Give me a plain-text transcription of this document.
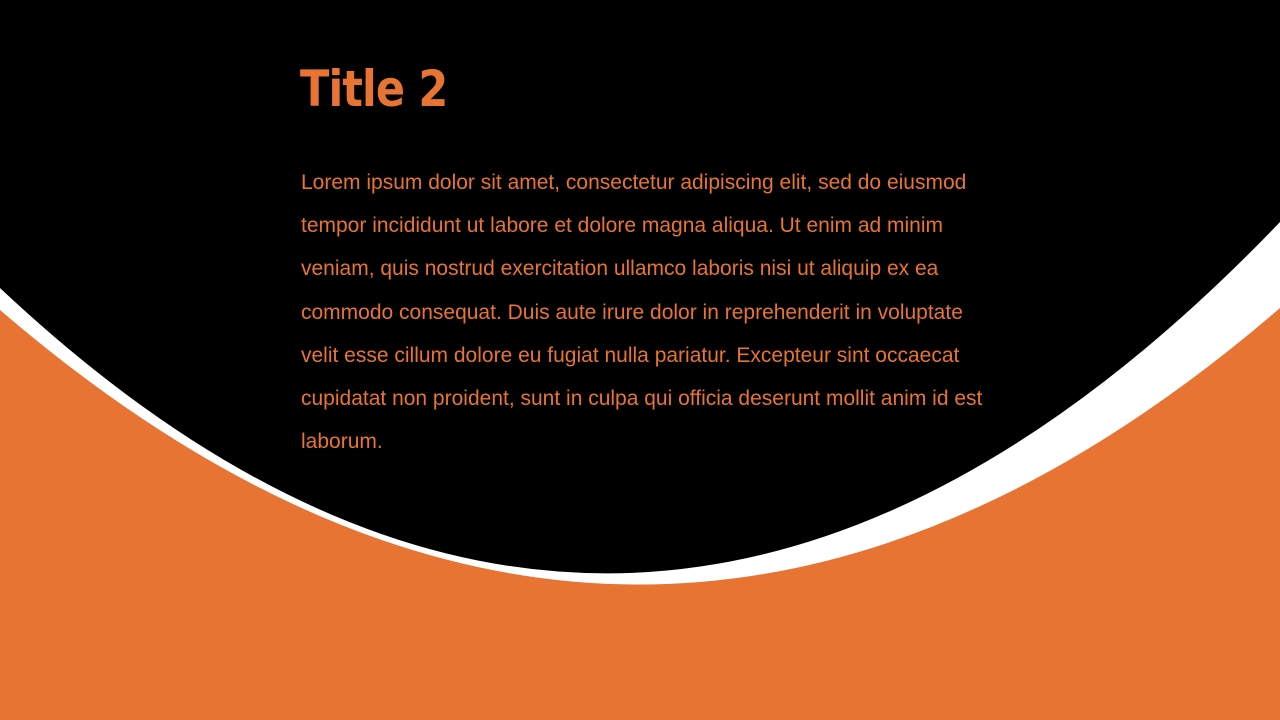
Title 2

Lorem ipsum dolor sit amet, consectetur adipiscing elit, sed do eiusmod tempor incididunt ut labore et dolore magna aliqua. Ut enim ad minim veniam, quis nostrud exercitation ullamco laboris nisi ut aliquip ex ea commodo consequat. Duis aute irure dolor in reprehenderit in voluptate velit esse cillum dolore eu fugiat nulla pariatur. Excepteur sint occaecat cupidatat non proident, sunt in culpa qui officia deserunt mollit anim id est laborum.
